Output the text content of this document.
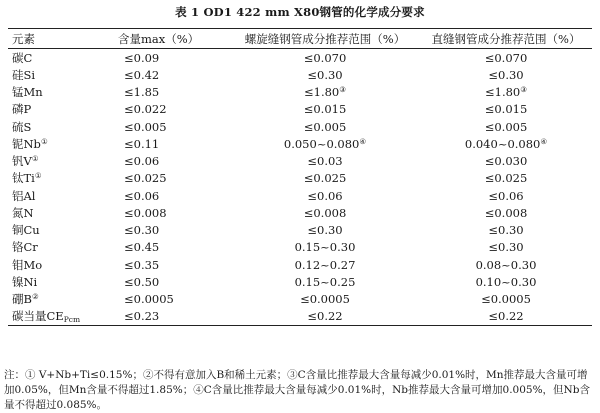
表 1 OD1 422 mm X80钢管的化学成分要求
元素	含量max（%）	螺旋缝钢管成分推荐范围（%）	直缝钢管成分推荐范围（%）
碳C	≤0.09	≤0.070	≤0.070
硅Si	≤0.42	≤0.30	≤0.30
锰Mn	≤1.85	≤1.80③	≤1.80③
磷P	≤0.022	≤0.015	≤0.015
硫S	≤0.005	≤0.005	≤0.005
铌Nb①	≤0.11	0.050~0.080④	0.040~0.080④
钒V①	≤0.06	≤0.03	≤0.030
钛Ti①	≤0.025	≤0.025	≤0.025
铝Al	≤0.06	≤0.06	≤0.06
氮N	≤0.008	≤0.008	≤0.008
铜Cu	≤0.30	≤0.30	≤0.30
铬Cr	≤0.45	0.15~0.30	≤0.30
钼Mo	≤0.35	0.12~0.27	0.08~0.30
镍Ni	≤0.50	0.15~0.25	0.10~0.30
硼B②	≤0.0005	≤0.0005	≤0.0005
碳当量$CE_{Pcm}$	≤0.23	≤0.22	≤0.22
注：① V+Nb+Ti≤0.15%；②不得有意加入B和稀土元素；③C含量比推荐最大含量每减少0.01%时，Mn推荐最大含量可增加0.05%，但Mn含量不得超过1.85%；④C含量比推荐最大含量每减少0.01%时，Nb推荐最大含量可增加0.005%，但Nb含量不得超过0.085%。
